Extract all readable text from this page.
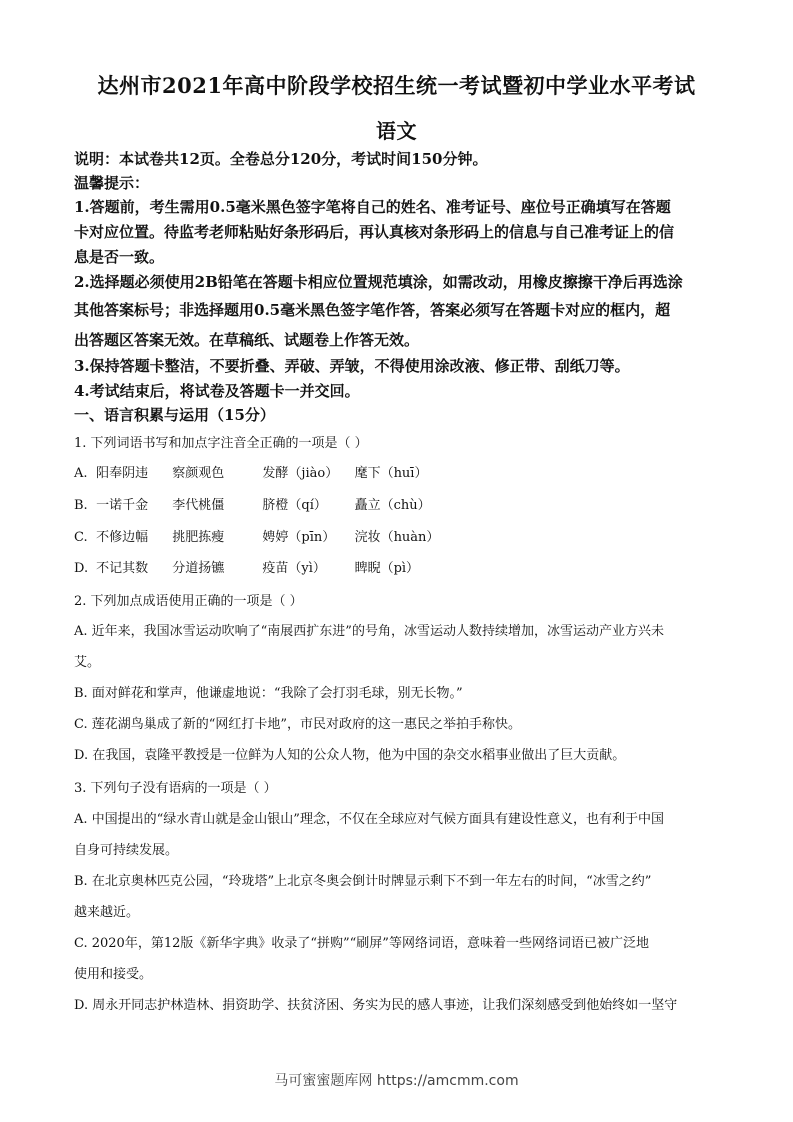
达州市2021年高中阶段学校招生统一考试暨初中学业水平考试
语文
说明：本试卷共12页。全卷总分120分，考试时间150分钟。
温馨提示：
1.答题前，考生需用0.5毫米黑色签字笔将自己的姓名、准考证号、座位号正确填写在答题
卡对应位置。待监考老师粘贴好条形码后，再认真核对条形码上的信息与自己准考证上的信
息是否一致。
2.选择题必须使用2B铅笔在答题卡相应位置规范填涂，如需改动，用橡皮擦擦干净后再选涂
其他答案标号；非选择题用0.5毫米黑色签字笔作答，答案必须写在答题卡对应的框内，超
出答题区答案无效。在草稿纸、试题卷上作答无效。
3.保持答题卡整洁，不要折叠、弄破、弄皱，不得使用涂改液、修正带、刮纸刀等。
4.考试结束后，将试卷及答题卡一并交回。
一、语言积累与运用（15分）
1. 下列词语书写和加点字注音全正确的一项是（ ）
A. 阳奉阴违 察颜观色	发酵（jiào） 麾下（huī）
B. 一诺千金 李代桃僵	脐橙（qí） 矗立（chù）
C. 不修边幅 挑肥拣瘦	娉婷（pīn） 浣妆（huàn）
D. 不记其数 分道扬镳	疫苗（yì） 睥睨（pì）
2. 下列加点成语使用正确的一项是（ ）
A. 近年来，我国冰雪运动吹响了“南展西扩东进”的号角，冰雪运动人数持续增加，冰雪运动产业方兴未
艾。
B. 面对鲜花和掌声，他谦虚地说：“我除了会打羽毛球，别无长物。”
C. 莲花湖鸟巢成了新的“网红打卡地”，市民对政府的这一惠民之举拍手称快。
D. 在我国，袁隆平教授是一位鲜为人知的公众人物，他为中国的杂交水稻事业做出了巨大贡献。
3. 下列句子没有语病的一项是（ ）
A. 中国提出的“绿水青山就是金山银山”理念，不仅在全球应对气候方面具有建设性意义，也有利于中国
自身可持续发展。
B. 在北京奥林匹克公园，“玲珑塔”上北京冬奥会倒计时牌显示剩下不到一年左右的时间，“冰雪之约”
越来越近。
C. 2020年，第12版《新华字典》收录了“拼购”“刷屏”等网络词语，意味着一些网络词语已被广泛地
使用和接受。
D. 周永开同志护林造林、捐资助学、扶贫济困、务实为民的感人事迹，让我们深刻感受到他始终如一坚守
马可蜜蜜题库网 https://amcmm.com
